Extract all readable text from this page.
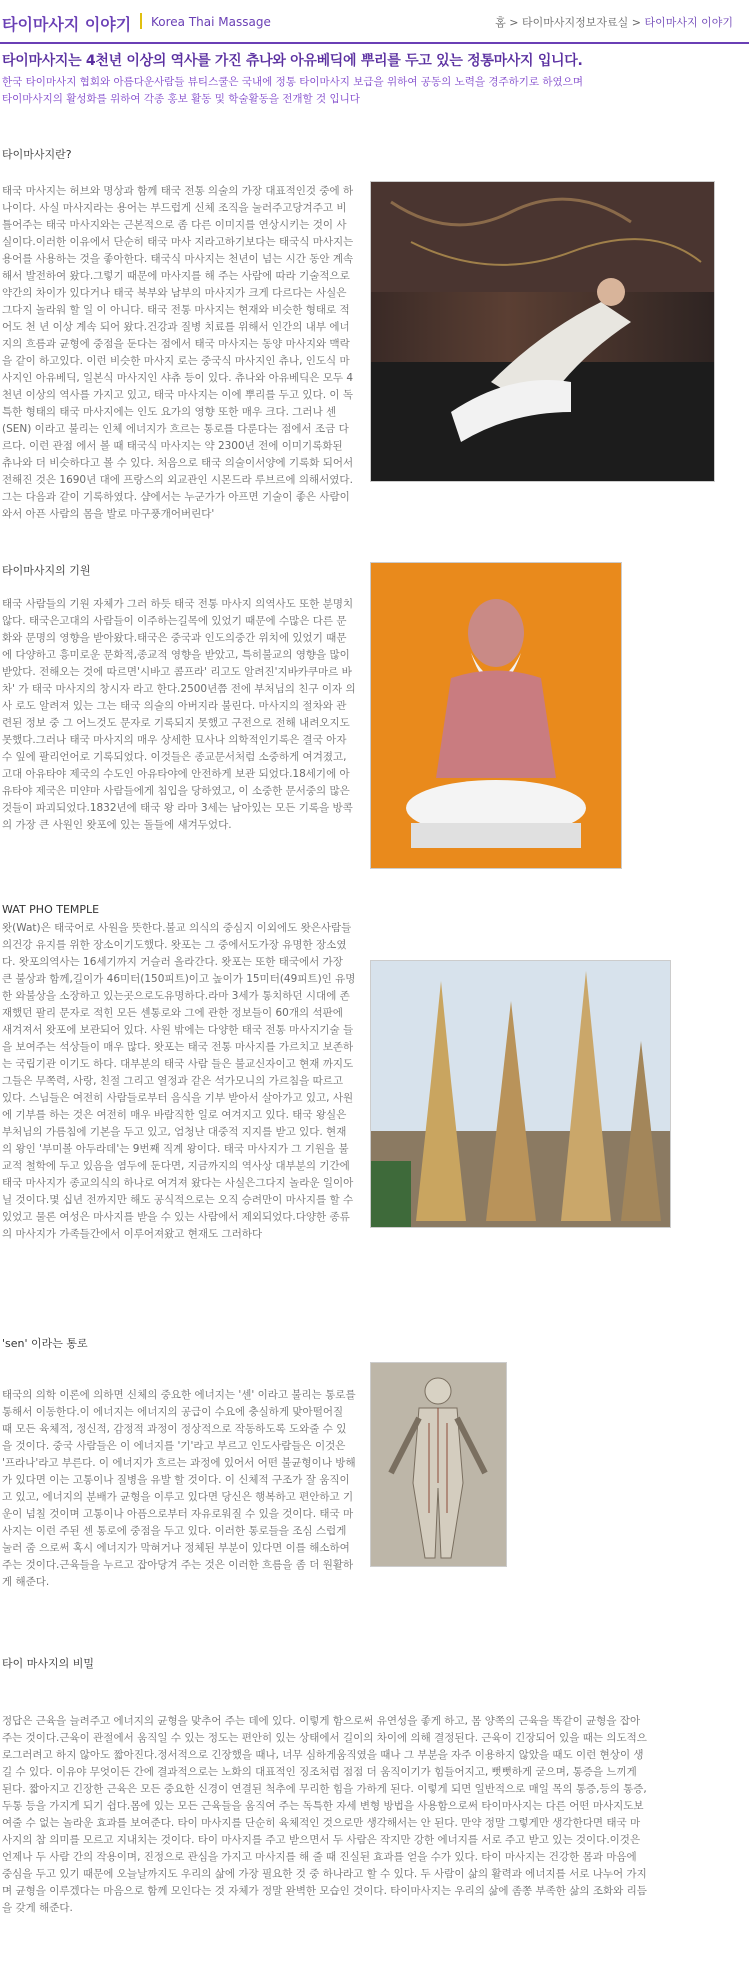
타이마사지 이야기 Korea Thai Massage	홈 > 타이마사지정보자료실 > 타이마사지 이야기
타이마사지는 4천년 이상의 역사를 가진 츄나와 아유베딕에 뿌리를 두고 있는 정통마사지 입니다.
한국 타이마사지 협회와 아름다운사람들 뷰티스쿨은 국내에 정통 타이마사지 보급을 위하여 공동의 노력을 경주하기로 하였으며
타이마사지의 활성화를 위하여 각종 홍보 활동 및 학술활동을 전개할 것 입니다
타이마사지란?
태국 마사지는 허브와 명상과 함께 태국 전통 의술의 가장 대표적인것 중에 하나이다. 사실 마사지라는 용어는 부드럽게 신체 조직을 눌러주고당겨주고 비틀어주는 태국 마사지와는 근본적으로 좀 다른 이미지를 연상시키는 것이 사실이다.이러한 이유에서 단순히 태국 마사 지라고하기보다는 태국식 마사지는 용어를 사용하는 것을 좋아한다. 태국식 마사지는 천년이 넘는 시간 동안 계속해서 발전하여 왔다.그렇기 때문에 마사지를 해 주는 사람에 따라 기술적으로 약간의 차이가 있다거나 태국 북부와 남부의 마사지가 크게 다르다는 사실은 그다지 놀라워 할 일 이 아니다. 태국 전통 마사지는 현재와 비슷한 형태로 적어도 천 년 이상 계속 되어 왔다.건강과 질병 치료를 위해서 인간의 내부 에너지의 흐름과 균형에 중점을 둔다는 점에서 태국 마사지는 동양 마사지와 맥락을 같이 하고있다. 이런 비슷한 마사지 로는 중국식 마사지인 츄나, 인도식 마사지인 아유베딕, 일본식 마사지인 샤츄 등이 있다. 츄나와 아유베딕은 모두 4천년 이상의 역사를 가지고 있고, 태국 마사지는 이에 뿌리를 두고 있다. 이 독특한 형태의 태국 마사지에는 인도 요가의 영향 또한 매우 크다. 그러나 센 (SEN) 이라고 불리는 인체 에너지가 흐르는 통로를 다룬다는 점에서 조금 다르다. 이런 관점 에서 볼 때 태국식 마사지는 약 2300년 전에 이미기록화된 츄나와 더 비슷하다고 볼 수 있다. 처음으로 태국 의술이서양에 기록화 되어서 전해진 것은 1690년 대에 프랑스의 외교관인 시몬드라 루브르에 의해서였다. 그는 다음과 같이 기록하였다. 샴에서는 누군가가 아프면 기술이 좋은 사람이 와서 아픈 사람의 몸을 발로 마구풍개어버린다'
타이마사지의 기원
태국 사람들의 기원 자체가 그러 하듯 태국 전통 마사지 의역사도 또한 분명치 않다. 태국은고대의 사람들이 이주하는길목에 있었기 때문에 수많은 다른 문화와 문명의 영향을 받아왔다.태국은 중국과 인도의중간 위치에 있었기 때문에 다양하고 흥미로운 문화적,종교적 영향을 받았고, 특히불교의 영향을 많이 받았다. 전해오는 것에 따르면'시바고 콤프라' 리고도 알려진'지바카쿠마르 바차' 가 태국 마사지의 창시자 라고 한다.2500년쯤 전에 부처님의 친구 이자 의사 로도 알려져 있는 그는 태국 의술의 아버지라 불린다. 마사지의 절차와 관련된 정보 중 그 어느것도 문자로 기록되지 못했고 구전으로 전해 내려오지도 못했다.그러나 태국 마사지의 매우 상세한 묘사나 의학적인기록은 결국 아자수 잎에 팔리언어로 기록되었다. 이것들은 종교문서처럼 소중하게 여겨졌고, 고대 아유타야 제국의 수도인 아유타야에 안전하게 보관 되었다.18세기에 아유타야 제국은 미얀마 사람들에게 침입을 당하였고, 이 소중한 문서중의 많은 것들이 파괴되었다.1832년에 태국 왕 라마 3세는 남아있는 모든 기록을 방콕의 가장 큰 사원인 왓포에 있는 돌들에 새겨두었다.
WAT PHO TEMPLE
왓(Wat)은 태국어로 사원을 뜻한다.불교 의식의 중심지 이외에도 왓은사람들의건강 유지를 위한 장소이기도했다. 왓포는 그 중에서도가장 유명한 장소였다. 왓포의역사는 16세기까지 거슬러 올라간다. 왓포는 또한 태국에서 가장 큰 불상과 함께,길이가 46미터(150피트)이고 높이가 15미터(49피트)인 유명한 와불상을 소장하고 있는곳으로도유명하다.라마 3세가 통치하던 시대에 존재했던 팔리 문자로 적힌 모든 센통로와 그에 관한 정보들이 60개의 석판에 새겨져서 왓포에 보관되어 있다. 사원 밖에는 다양한 태국 전통 마사지기술 들을 보여주는 석상들이 매우 많다. 왓포는 태국 전통 마사지를 가르치고 보존하는 국립기관 이기도 하다. 대부분의 태국 사람 들은 불교신자이고 현재 까지도 그들은 무쪽력, 사랑, 친절 그리고 열정과 같은 석가모니의 가르침을 따르고 있다. 스님들은 여전히 사람들로부터 음식을 기부 받아서 살아가고 있고, 사원에 기부를 하는 것은 여전히 매우 바람직한 일로 여겨지고 있다. 태국 왕실은 부처님의 가름침에 기본을 두고 있고, 엄청난 대중적 지지를 받고 있다. 현재의 왕인 '부미볼 아두라데'는 9번째 직계 왕이다. 태국 마사지가 그 기원을 불교적 철학에 두고 있음을 염두에 둔다면, 지금까지의 역사상 대부분의 기간에 태국 마사지가 종교의식의 하나로 여겨져 왔다는 사실은그다지 놀라운 일이아닐 것이다.몇 십년 전까지만 해도 공식적으로는 오직 승려만이 마사지를 할 수 있었고 물론 여성은 마사지를 받을 수 있는 사람에서 제외되었다.다양한 종류의 마사지가 가족들간에서 이루어져왔고 현재도 그러하다
'sen' 이라는 통로
태국의 의학 이론에 의하면 신체의 중요한 에너지는 '센' 이라고 불리는 통로를 통해서 이동한다.이 에너지는 에너지의 공급이 수요에 충실하게 맞아떨어질 때 모든 육체적, 정신적, 감정적 과정이 정상적으로 작동하도록 도와줄 수 있을 것이다. 중국 사람들은 이 에너지를 '기'라고 부르고 인도사람들은 이것은 '프라나'라고 부른다. 이 에너지가 흐르는 과정에 있어서 어떤 불균형이나 방해가 있다면 이는 고통이나 질병을 유발 할 것이다. 이 신체적 구조가 잘 움직이고 있고, 에너지의 분배가 균형을 이루고 있다면 당신은 행복하고 편안하고 기운이 넘칠 것이며 고통이나 아픔으로부터 자유로워질 수 있을 것이다. 태국 마사지는 이런 주된 센 통로에 중점을 두고 있다. 이러한 통로들을 조심 스럽게 눌러 줌 으로써 혹시 에너지가 막혀거나 정체된 부분이 있다면 이를 해소하여 주는 것이다.근육들을 누르고 잡아당겨 주는 것은 이러한 흐름을 좀 더 원활하게 해준다.
타이 마사지의 비밀
정답은 근육을 늘려주고 에너지의 균형을 맞추어 주는 데에 있다. 이렇게 함으로써 유연성을 좋게 하고, 몸 양쪽의 근육을 똑같이 균형을 잡아주는 것이다.근육이 관절에서 움직일 수 있는 정도는 편안히 있는 상태에서 길이의 차이에 의해 결정된다. 근육이 긴장되어 있을 때는 의도적으로그러려고 하지 않아도 짧아진다.정서적으로 긴장했을 때나, 너무 심하게움직였을 때나 그 부분을 자주 이용하지 않았을 때도 이런 현상이 생길 수 있다. 이유야 무엇이든 간에 결과적으로는 노화의 대표적인 징조처럼 점점 더 움직이기가 힘들어지고, 뻣뻣하게 굳으며, 통증을 느끼게 된다. 짧아지고 긴장한 근육은 모든 중요한 신경이 연결된 척추에 무리한 힘을 가하게 된다. 이렇게 되면 일반적으로 매일 목의 통증,등의 통증,두통 등을 가지게 되기 쉽다.몸에 있는 모든 근육들을 움직여 주는 독특한 자세 변형 방법을 사용함으로써 타이마사지는 다른 어떤 마사지도보여줄 수 없는 놀라운 효과를 보여준다. 타이 마사지를 단순히 육체적인 것으로만 생각해서는 안 된다. 만약 정말 그렇게만 생각한다면 태국 마사지의 참 의미를 모르고 지내치는 것이다. 타이 마사지를 주고 받으면서 두 사람은 작지만 강한 에너지를 서로 주고 받고 있는 것이다.이것은 언제나 두 사람 간의 작용이며, 진정으로 관심을 가지고 마사지를 해 줄 때 진실된 효과를 얻을 수가 있다. 타이 마사지는 건강한 몸과 마음에 중심을 두고 있기 때문에 오늘날까지도 우리의 삶에 가장 필요한 것 중 하나라고 할 수 있다. 두 사람이 삶의 활력과 에너지를 서로 나누어 가지며 균형을 이루겠다는 마음으로 함께 모인다는 것 자체가 정말 완벽한 모습인 것이다. 타이마사지는 우리의 삶에 좀쫑 부족한 삶의 조화와 리듬을 갖게 해준다.
